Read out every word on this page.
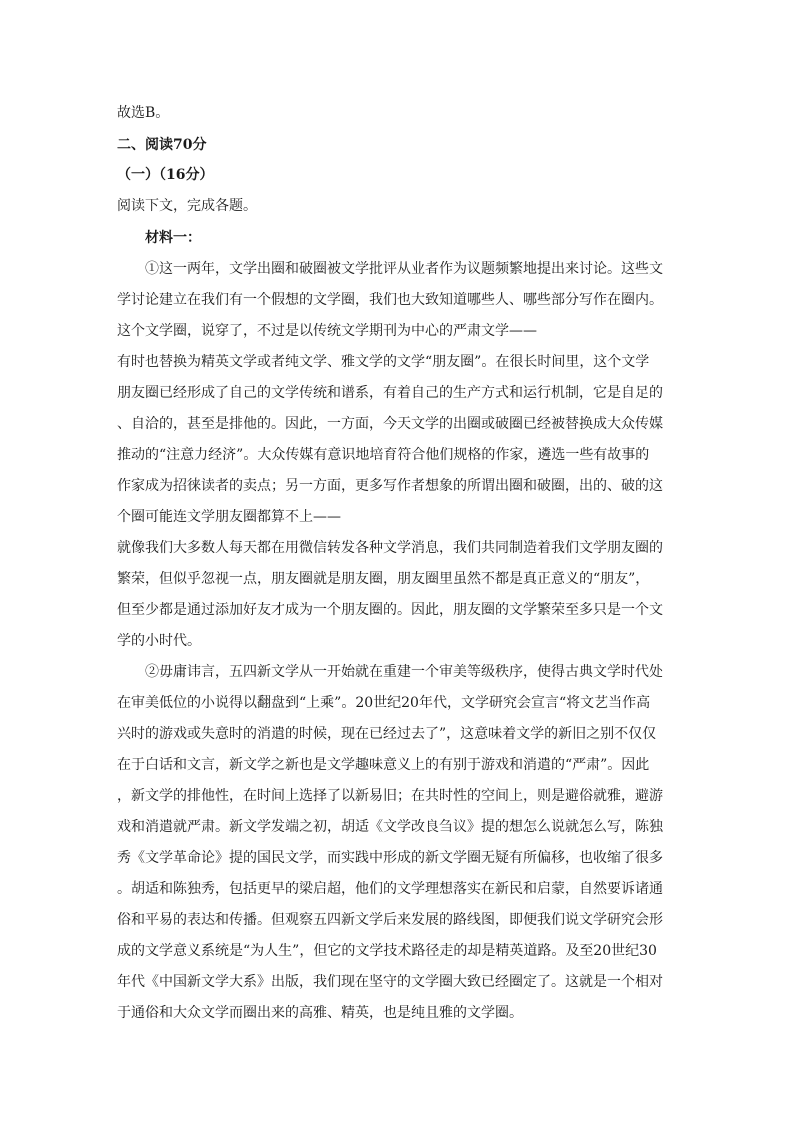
故选B。
二、阅读70分
（一）（16分）
阅读下文，完成各题。
材料一：
①这一两年，文学出圈和破圈被文学批评从业者作为议题频繁地提出来讨论。这些文
学讨论建立在我们有一个假想的文学圈，我们也大致知道哪些人、哪些部分写作在圈内。
这个文学圈，说穿了，不过是以传统文学期刊为中心的严肃文学——
有时也替换为精英文学或者纯文学、雅文学的文学“朋友圈”。在很长时间里，这个文学
朋友圈已经形成了自己的文学传统和谱系，有着自己的生产方式和运行机制，它是自足的
、自洽的，甚至是排他的。因此，一方面，今天文学的出圈或破圈已经被替换成大众传媒
推动的“注意力经济”。大众传媒有意识地培育符合他们规格的作家，遴选一些有故事的
作家成为招徕读者的卖点；另一方面，更多写作者想象的所谓出圈和破圈，出的、破的这
个圈可能连文学朋友圈都算不上——
就像我们大多数人每天都在用微信转发各种文学消息，我们共同制造着我们文学朋友圈的
繁荣，但似乎忽视一点，朋友圈就是朋友圈，朋友圈里虽然不都是真正意义的“朋友”，
但至少都是通过添加好友才成为一个朋友圈的。因此，朋友圈的文学繁荣至多只是一个文
学的小时代。
②毋庸讳言，五四新文学从一开始就在重建一个审美等级秩序，使得古典文学时代处
在审美低位的小说得以翻盘到“上乘”。20世纪20年代，文学研究会宣言“将文艺当作高
兴时的游戏或失意时的消遣的时候，现在已经过去了”，这意味着文学的新旧之别不仅仅
在于白话和文言，新文学之新也是文学趣味意义上的有别于游戏和消遣的“严肃”。因此
，新文学的排他性，在时间上选择了以新易旧；在共时性的空间上，则是避俗就雅，避游
戏和消遣就严肃。新文学发端之初，胡适《文学改良刍议》提的想怎么说就怎么写，陈独
秀《文学革命论》提的国民文学，而实践中形成的新文学圈无疑有所偏移，也收缩了很多
。胡适和陈独秀，包括更早的梁启超，他们的文学理想落实在新民和启蒙，自然要诉诸通
俗和平易的表达和传播。但观察五四新文学后来发展的路线图，即便我们说文学研究会形
成的文学意义系统是“为人生”，但它的文学技术路径走的却是精英道路。及至20世纪30
年代《中国新文学大系》出版，我们现在坚守的文学圈大致已经圈定了。这就是一个相对
于通俗和大众文学而圈出来的高雅、精英，也是纯且雅的文学圈。
